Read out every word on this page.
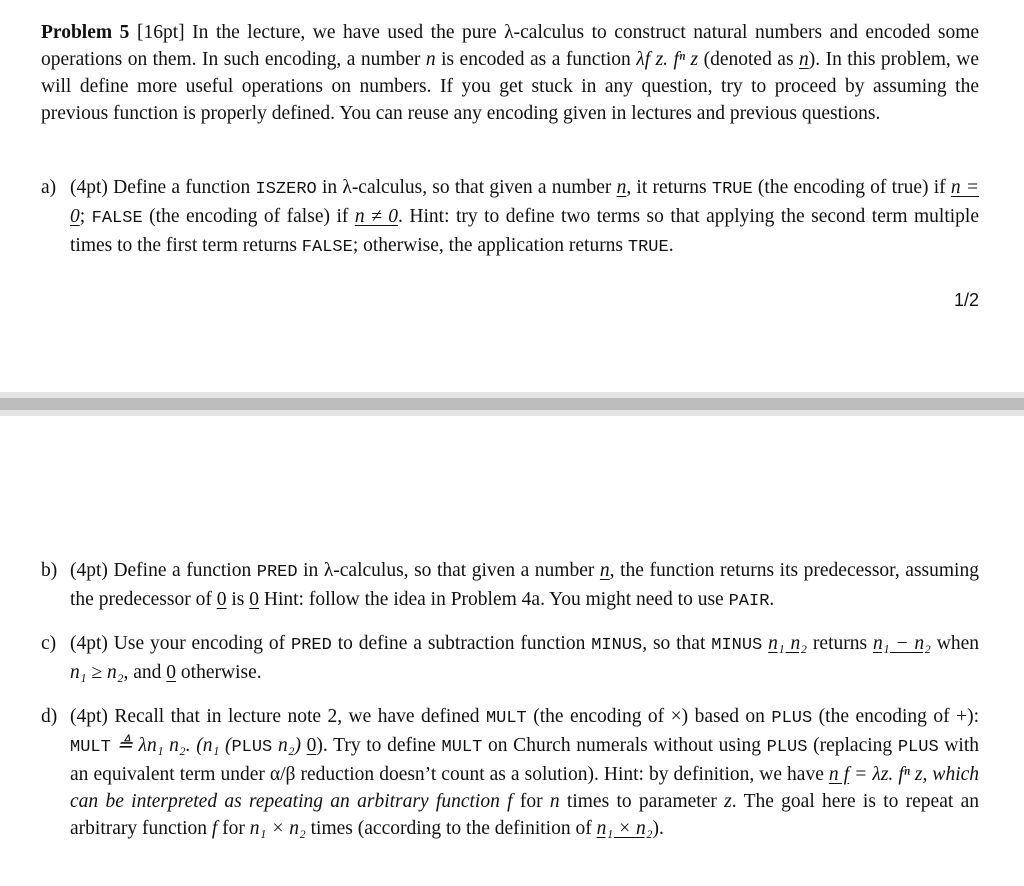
Problem 5 [16pt] In the lecture, we have used the pure λ-calculus to construct natural numbers and encoded some operations on them. In such encoding, a number n is encoded as a function λf z. fⁿ z (denoted as n). In this problem, we will define more useful operations on numbers. If you get stuck in any question, try to proceed by assuming the previous function is properly defined. You can reuse any encoding given in lectures and previous questions.
a) (4pt) Define a function ISZERO in λ-calculus, so that given a number n, it returns TRUE (the encoding of true) if n = 0; FALSE (the encoding of false) if n ≠ 0. Hint: try to define two terms so that applying the second term multiple times to the first term returns FALSE; otherwise, the application returns TRUE.
1/2
b) (4pt) Define a function PRED in λ-calculus, so that given a number n, the function returns its predecessor, assuming the predecessor of 0 is 0 Hint: follow the idea in Problem 4a. You might need to use PAIR.
c) (4pt) Use your encoding of PRED to define a subtraction function MINUS, so that MINUS n₁ n₂ returns n₁ − n₂ when n₁ ≥ n₂, and 0 otherwise.
d) (4pt) Recall that in lecture note 2, we have defined MULT (the encoding of ×) based on PLUS (the encoding of +): MULT ≜ λn₁ n₂. (n₁ (PLUS n₂) 0). Try to define MULT on Church numerals without using PLUS (replacing PLUS with an equivalent term under α/β reduction doesn’t count as a solution). Hint: by definition, we have n f = λz. fⁿ z, which can be interpreted as repeating an arbitrary function f for n times to parameter z. The goal here is to repeat an arbitrary function f for n₁ × n₂ times (according to the definition of n₁ × n₂).
